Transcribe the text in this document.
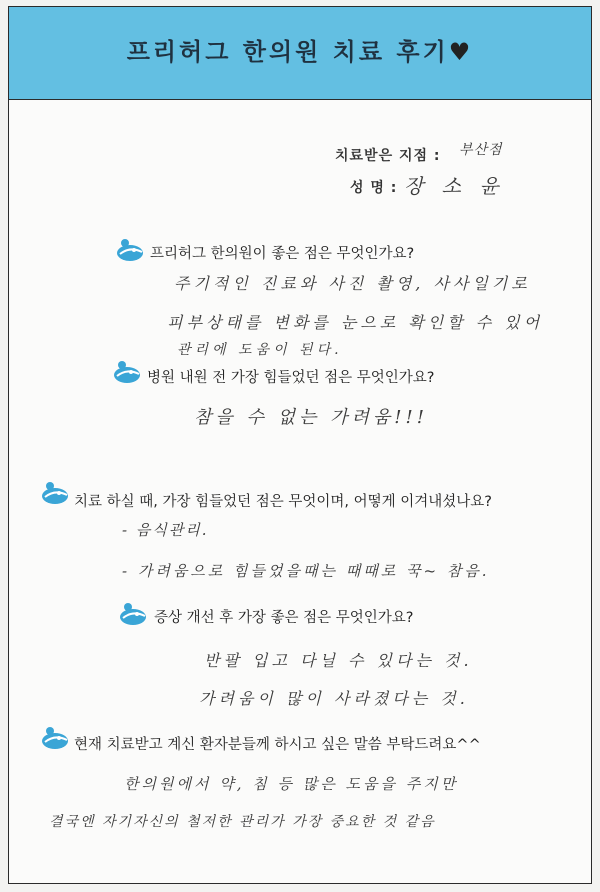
프리허그 한의원 치료 후기♥
치료받은 지점 : 부산점
성 명 : 장 소 윤
프리허그 한의원이 좋은 점은 무엇인가요?
주기적인 진료와 사진 촬영, 사사일기로
피부상태를 변화를 눈으로 확인할 수 있어
관리에 도움이 된다.
병원 내원 전 가장 힘들었던 점은 무엇인가요?
참을 수 없는 가려움!!!
치료 하실 때, 가장 힘들었던 점은 무엇이며, 어떻게 이겨내셨나요?
- 음식관리.
- 가려움으로 힘들었을때는 때때로 꾹~ 참음.
증상 개선 후 가장 좋은 점은 무엇인가요?
반팔 입고 다닐 수 있다는 것.
가려움이 많이 사라졌다는 것.
현재 치료받고 계신 환자분들께 하시고 싶은 말씀 부탁드려요^^
한의원에서 약, 침 등 많은 도움을 주지만
결국엔 자기자신의 철저한 관리가 가장 중요한 것 같음
